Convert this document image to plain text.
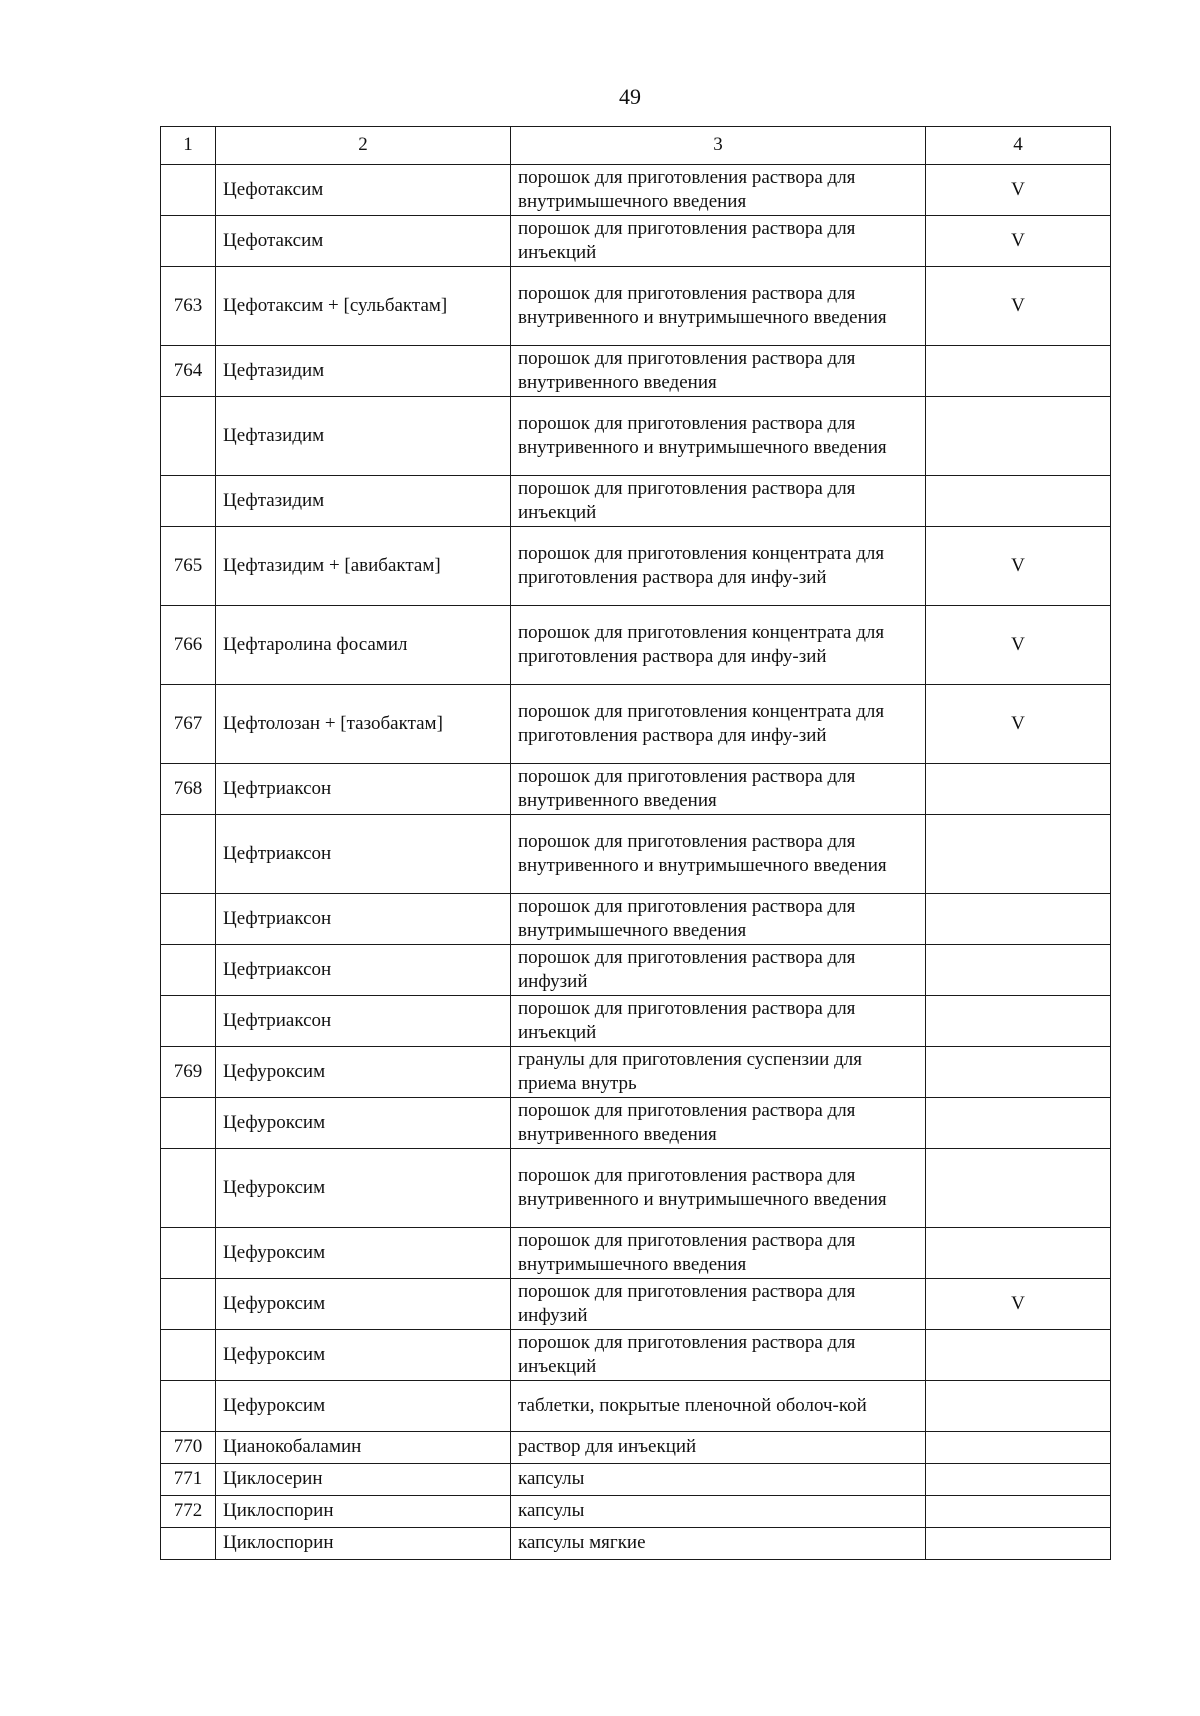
49
1	2	3	4
	Цефотаксим	порошок для приготовления раствора для внутримышечного введения	V
	Цефотаксим	порошок для приготовления раствора для инъекций	V
763	Цефотаксим + [сульбактам]	порошок для приготовления раствора для внутривенного и внутримышечного введения	V
764	Цефтазидим	порошок для приготовления раствора для внутривенного введения	
	Цефтазидим	порошок для приготовления раствора для внутривенного и внутримышечного введения	
	Цефтазидим	порошок для приготовления раствора для инъекций	
765	Цефтазидим + [авибактам]	порошок для приготовления концентрата для приготовления раствора для инфу-зий	V
766	Цефтаролина фосамил	порошок для приготовления концентрата для приготовления раствора для инфу-зий	V
767	Цефтолозан + [тазобактам]	порошок для приготовления концентрата для приготовления раствора для инфу-зий	V
768	Цефтриаксон	порошок для приготовления раствора для внутривенного введения	
	Цефтриаксон	порошок для приготовления раствора для внутривенного и внутримышечного введения	
	Цефтриаксон	порошок для приготовления раствора для внутримышечного введения	
	Цефтриаксон	порошок для приготовления раствора для инфузий	
	Цефтриаксон	порошок для приготовления раствора для инъекций	
769	Цефуроксим	гранулы для приготовления суспензии для приема внутрь	
	Цефуроксим	порошок для приготовления раствора для внутривенного введения	
	Цефуроксим	порошок для приготовления раствора для внутривенного и внутримышечного введения	
	Цефуроксим	порошок для приготовления раствора для внутримышечного введения	
	Цефуроксим	порошок для приготовления раствора для инфузий	V
	Цефуроксим	порошок для приготовления раствора для инъекций	
	Цефуроксим	таблетки, покрытые пленочной оболоч-кой	
770	Цианокобаламин	раствор для инъекций	
771	Циклосерин	капсулы	
772	Циклоспорин	капсулы	
	Циклоспорин	капсулы мягкие	
